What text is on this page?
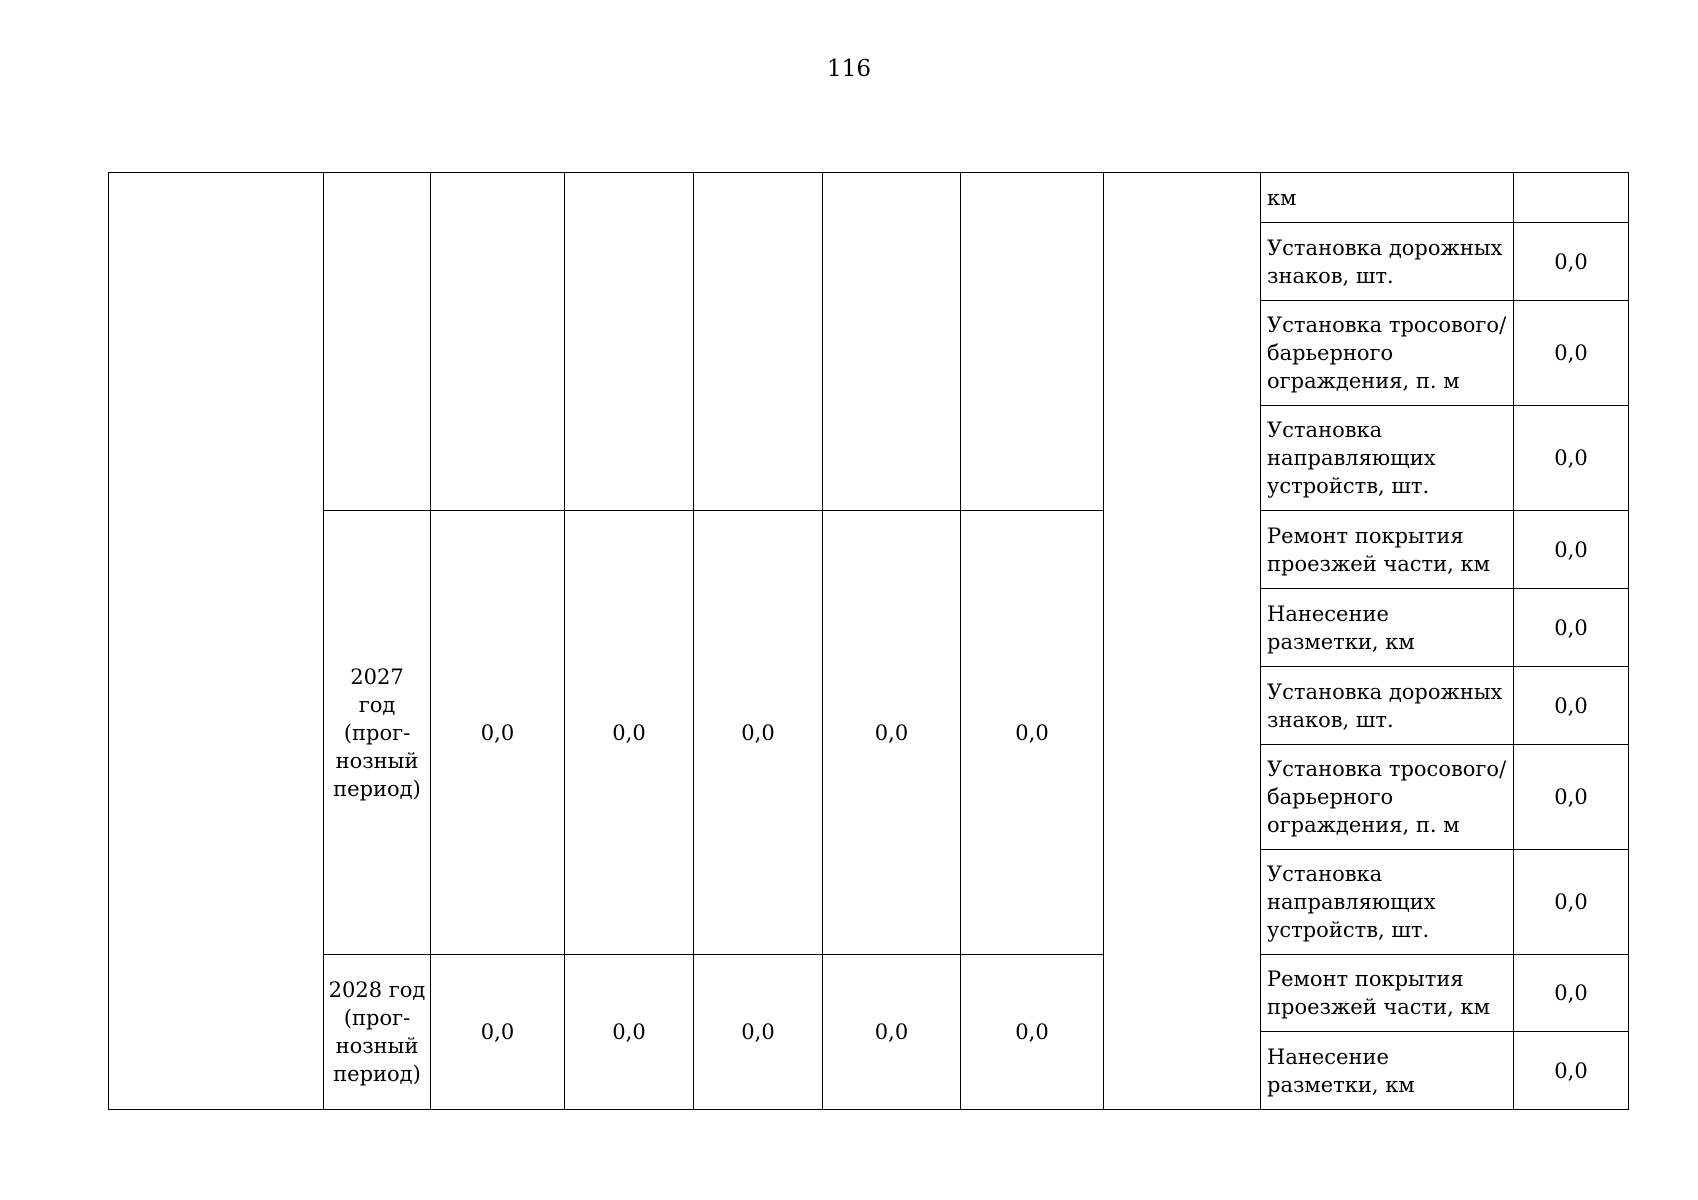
116
								км	
								Установка дорожных знаков, шт.	0,0
								Установка тросового/барьерного ограждения, п. м	0,0
								Установка направляющих устройств, шт.	0,0
	2027
год
(прог-
нозный
период)	0,0	0,0	0,0	0,0	0,0		Ремонт покрытия проезжей части, км	0,0
								Нанесение разметки, км	0,0
								Установка дорожных знаков, шт.	0,0
								Установка тросового/барьерного ограждения, п. м	0,0
								Установка направляющих устройств, шт.	0,0
	2028 год
(прог-
нозный
период)	0,0	0,0	0,0	0,0	0,0		Ремонт покрытия проезжей части, км	0,0
								Нанесение разметки, км	0,0
